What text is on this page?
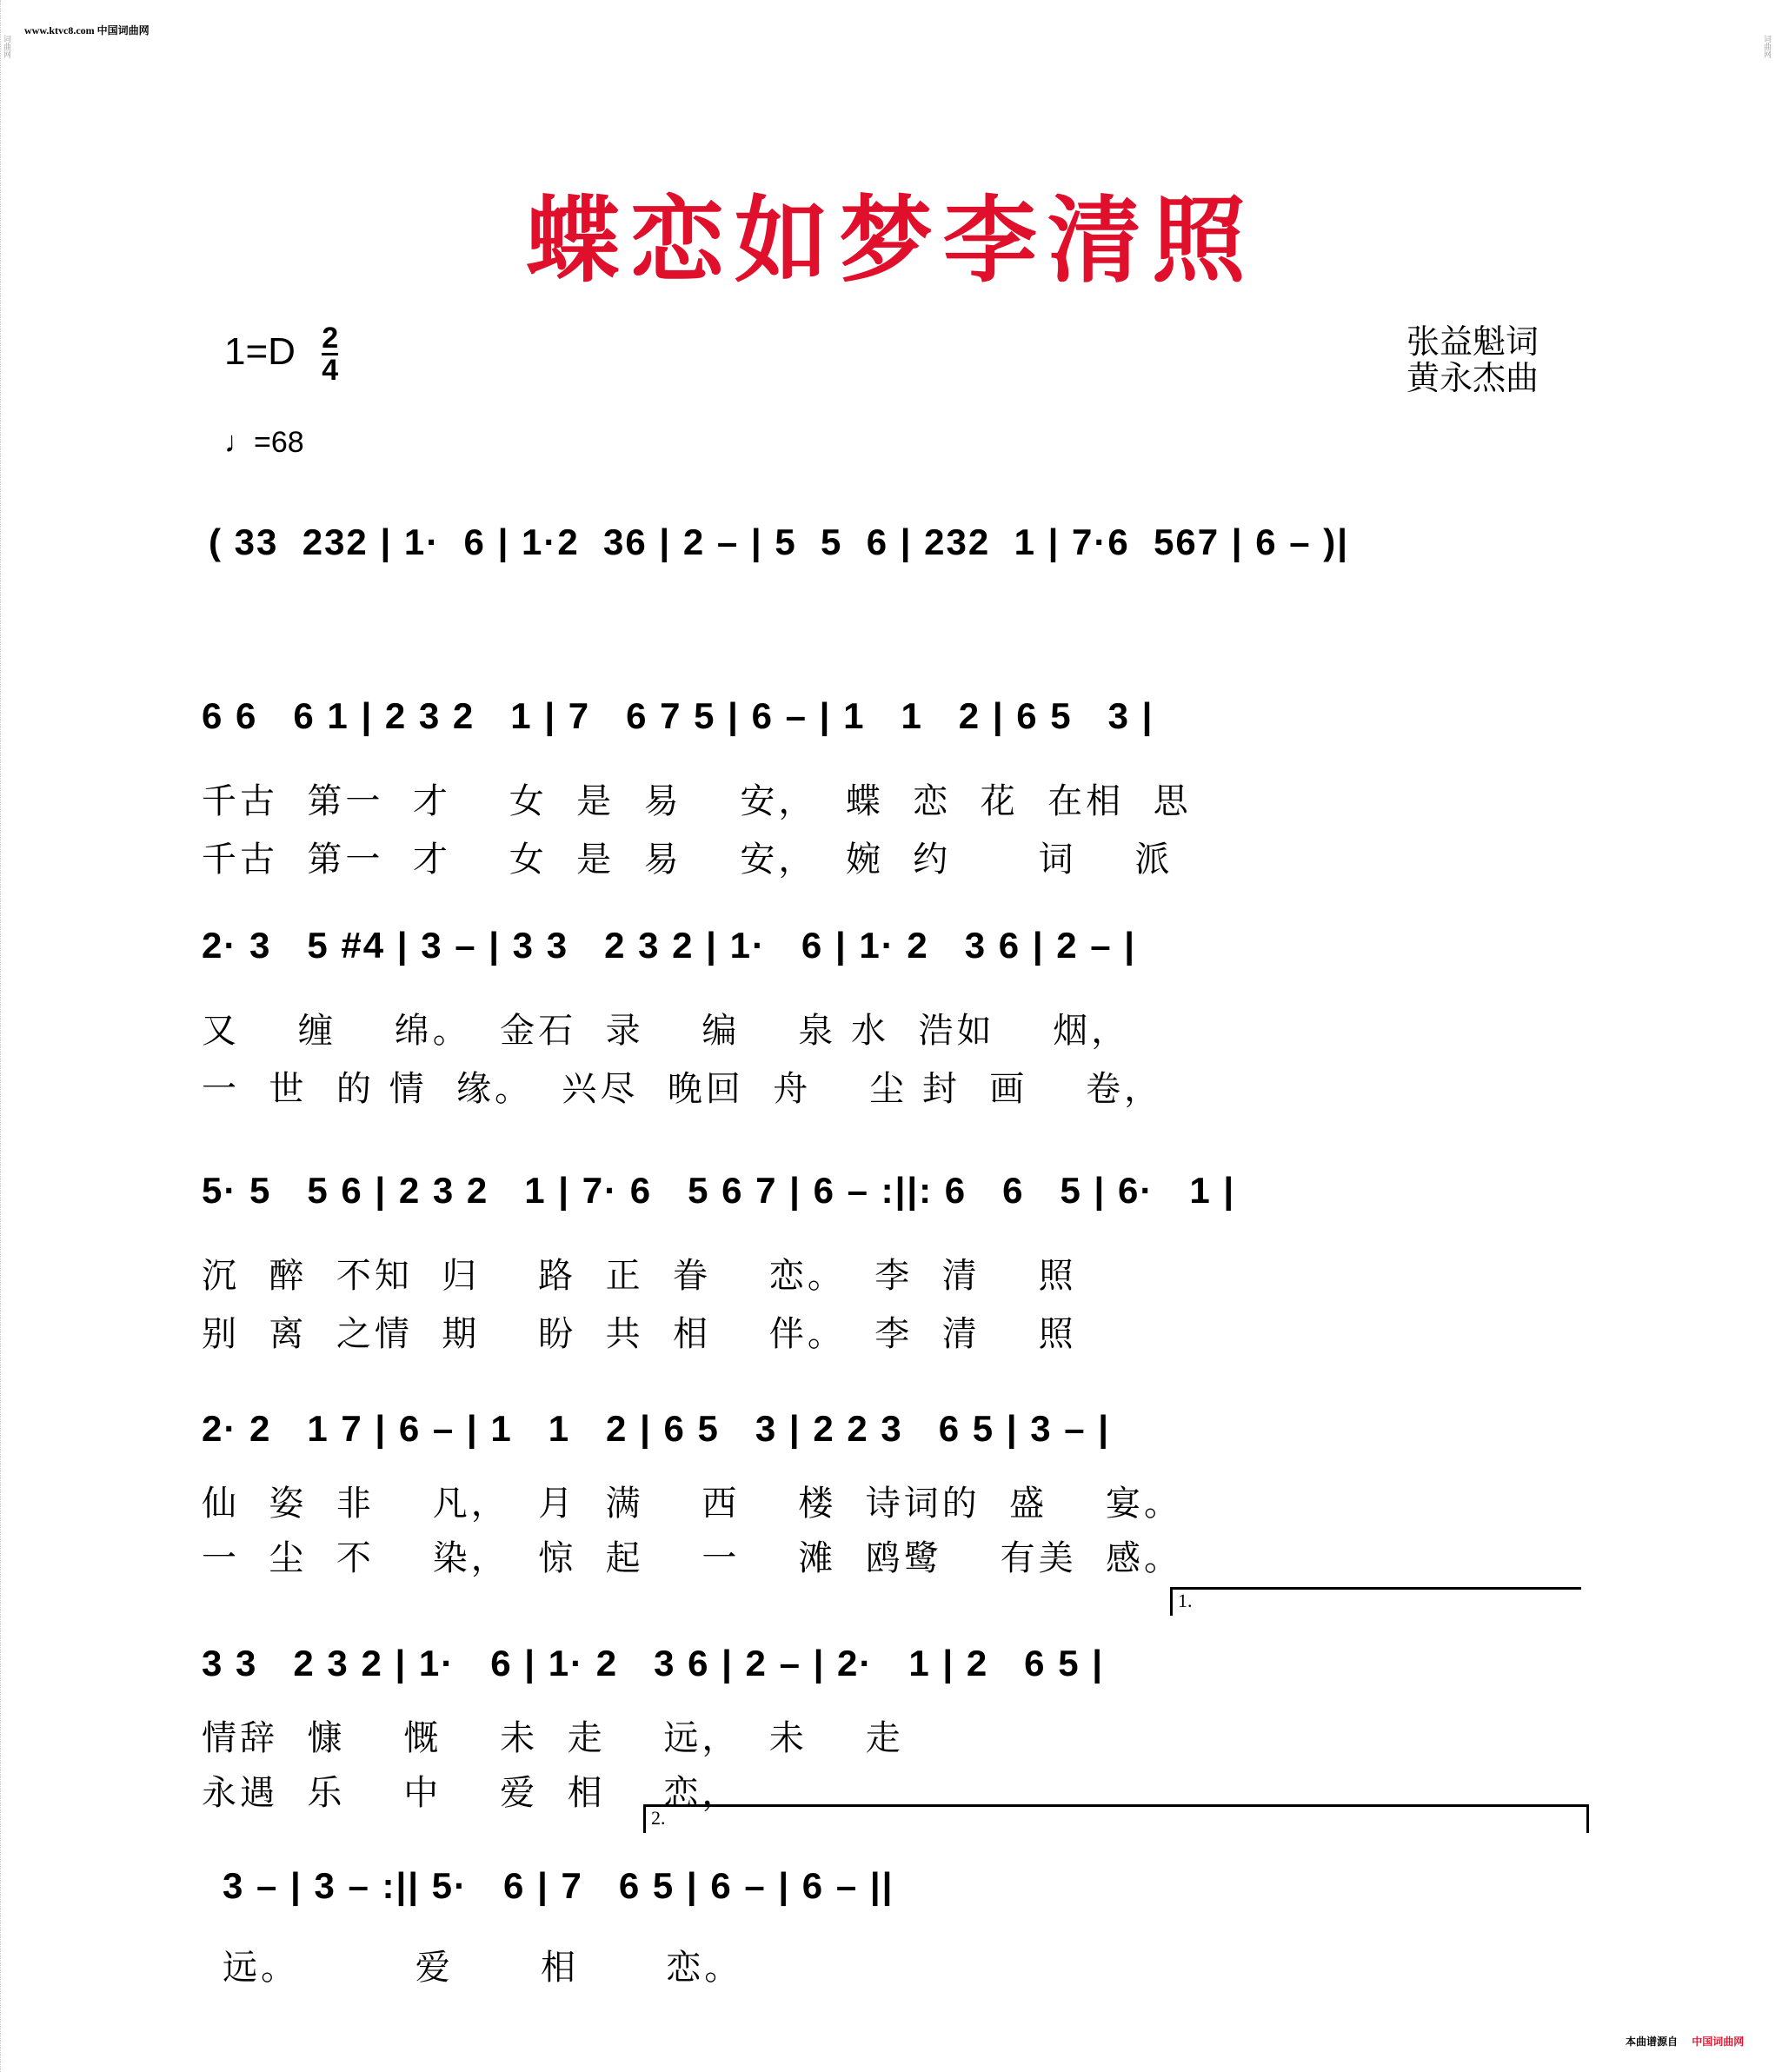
词曲网	词曲网
www.ktvc8.com 中国词曲网
蝶恋如梦李清照
$1=D \frac{2}{4}$	张益魁词
黄永杰曲
♩=68
( 33  232 | 1·  6 | 1·2  36 | 2 – | 5  5  6 | 232  1 | 7·6  567 | 6 – )|
6 6   6 1 | 2 3 2   1 | 7   6 7 5 | 6 – | 1   1   2 | 6 5   3 |
千古  第一  才    女  是  易    安，  蝶  恋  花  在相  思
千古  第一  才    女  是  易    安，  婉  约      词    派
2· 3   5 #4 | 3 – | 3 3   2 3 2 | 1·   6 | 1· 2   3 6 | 2 – |
又    缠    绵。  金石  录    编    泉 水  浩如    烟，
一  世  的 情  缘。  兴尽  晚回  舟    尘 封  画    卷，
5· 5   5 6 | 2 3 2   1 | 7· 6   5 6 7 | 6 – :||: 6   6   5 | 6·   1 |
沉  醉  不知  归    路  正  眷    恋。  李  清    照
别  离  之情  期    盼  共  相    伴。  李  清    照
2· 2   1 7 | 6 – | 1   1   2 | 6 5   3 | 2 2 3   6 5 | 3 – |
仙  姿  非    凡，  月  满    西    楼  诗词的  盛    宴。
一  尘  不    染，  惊  起    一    滩  鸥鹭    有美  感。
1.
3 3   2 3 2 | 1·   6 | 1· 2   3 6 | 2 – | 2·   1 | 2   6 5 |
情辞  慷    慨    未  走    远，  未    走
永遇  乐    中    爱  相    恋，
2.
3 – | 3 – :|| 5·   6 | 7   6 5 | 6 – | 6 – ||
远。        爱      相      恋。
本曲谱源自 中国词曲网
